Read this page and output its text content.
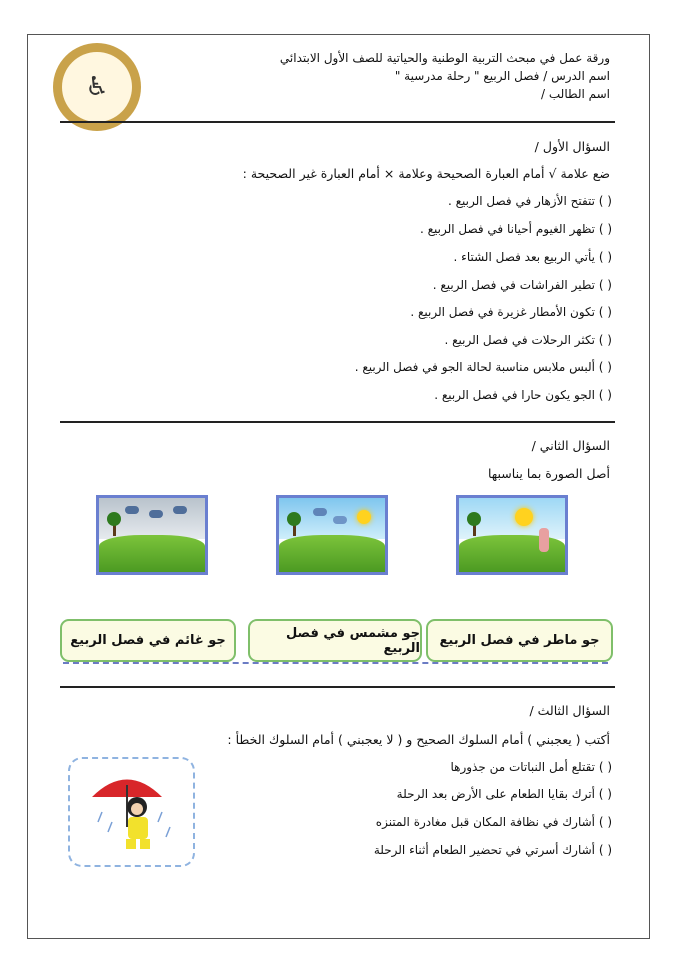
♿
ورقة عمل في مبحث التربية الوطنية والحياتية للصف الأول الابتدائي
اسم الدرس / فصل الربيع " رحلة مدرسية "
اسم الطالب /
السؤال الأول /
ضع علامة √ أمام العبارة الصحيحة وعلامة × أمام العبارة غير الصحيحة :
( ) تتفتح الأزهار في فصل الربيع .
( ) تظهر الغيوم أحيانا في فصل الربيع .
( ) يأتي الربيع بعد فصل الشتاء .
( ) تطير الفراشات في فصل الربيع .
( ) تكون الأمطار غزيرة في فصل الربيع .
( ) تكثر الرحلات في فصل الربيع .
( ) ألبس ملابس مناسبة لحالة الجو في فصل الربيع .
( ) الجو يكون حارا في فصل الربيع .
السؤال الثاني /
أصل الصورة بما يناسبها
جو ماطر في فصل الربيع
جو مشمس في فصل الربيع
جو غائم في فصل الربيع
السؤال الثالث /
أكتب ( يعجبني ) أمام السلوك الصحيح و ( لا يعجبني ) أمام السلوك الخطأ :
( ) تقتلع أمل النباتات من جذورها
( ) أترك بقايا الطعام على الأرض بعد الرحلة
( ) أشارك في نظافة المكان قبل مغادرة المتنزه
( ) أشارك أسرتي في تحضير الطعام أثناء الرحلة
